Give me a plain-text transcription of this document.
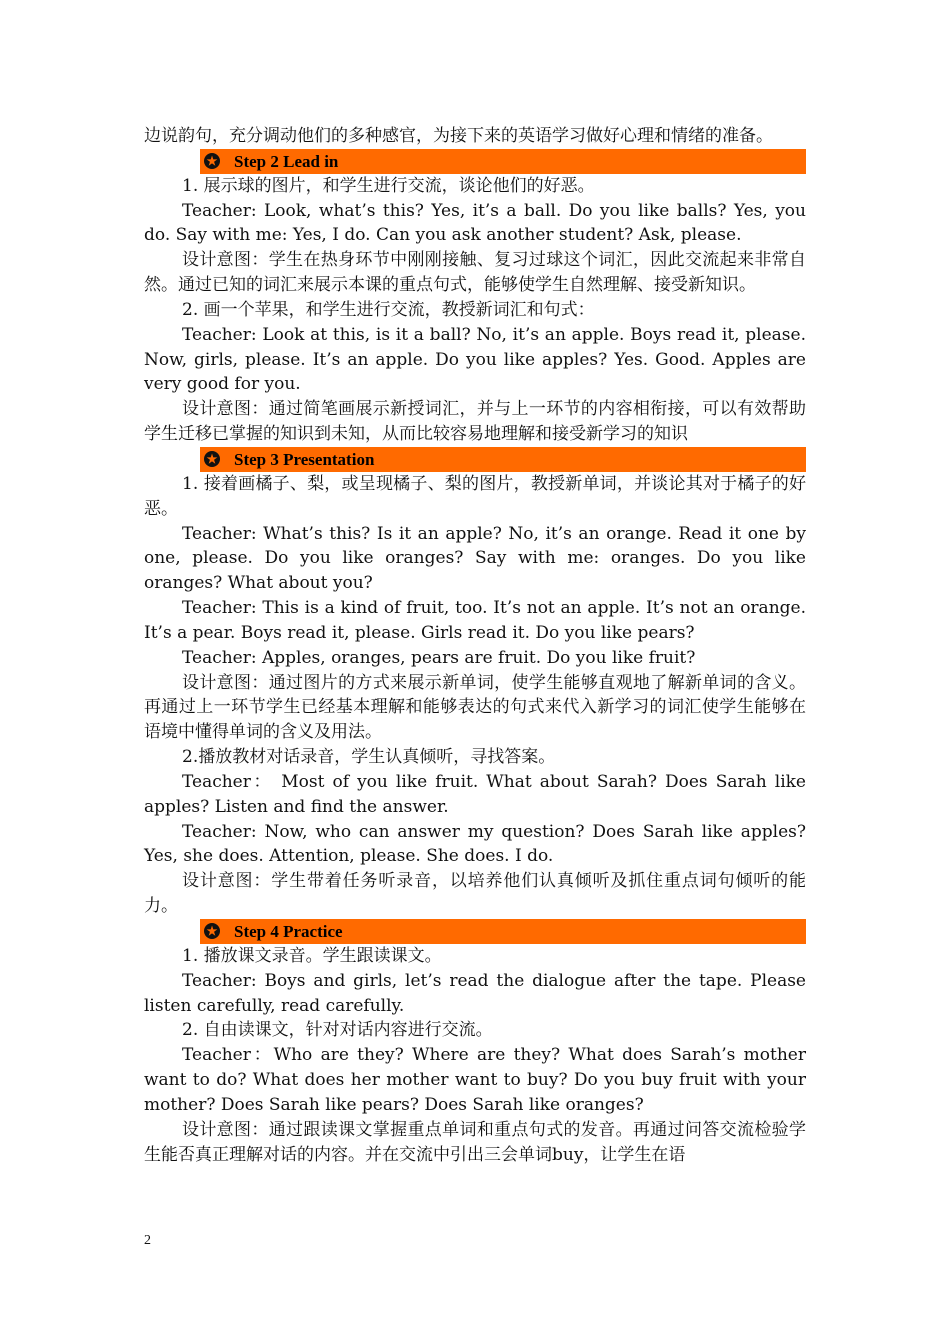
边说韵句，充分调动他们的多种感官，为接下来的英语学习做好心理和情绪的准备。

★ Step 2 Lead in

1. 展示球的图片，和学生进行交流，谈论他们的好恶。

Teacher: Look, what’s this? Yes, it’s a ball. Do you like balls? Yes, you do. Say with me: Yes, I do. Can you ask another student? Ask, please.

设计意图：学生在热身环节中刚刚接触、复习过球这个词汇，因此交流起来非常自然。通过已知的词汇来展示本课的重点句式，能够使学生自然理解、接受新知识。

2. 画一个苹果，和学生进行交流，教授新词汇和句式：

Teacher: Look at this, is it a ball? No, it’s an apple. Boys read it, please. Now, girls, please. It’s an apple. Do you like apples? Yes. Good. Apples are very good for you.

设计意图：通过简笔画展示新授词汇，并与上一环节的内容相衔接，可以有效帮助学生迁移已掌握的知识到未知，从而比较容易地理解和接受新学习的知识

★ Step 3 Presentation

1. 接着画橘子、梨，或呈现橘子、梨的图片，教授新单词，并谈论其对于橘子的好恶。

Teacher: What’s this? Is it an apple? No, it’s an orange. Read it one by one, please. Do you like oranges? Say with me: oranges. Do you like oranges? What about you?

Teacher: This is a kind of fruit, too. It’s not an apple. It’s not an orange. It’s a pear. Boys read it, please. Girls read it. Do you like pears?

Teacher: Apples, oranges, pears are fruit. Do you like fruit?

设计意图：通过图片的方式来展示新单词，使学生能够直观地了解新单词的含义。再通过上一环节学生已经基本理解和能够表达的句式来代入新学习的词汇使学生能够在语境中懂得单词的含义及用法。

2.播放教材对话录音，学生认真倾听，寻找答案。

Teacher： Most of you like fruit. What about Sarah? Does Sarah like apples? Listen and find the answer.

Teacher: Now, who can answer my question? Does Sarah like apples? Yes, she does. Attention, please. She does. I do.

设计意图：学生带着任务听录音，以培养他们认真倾听及抓住重点词句倾听的能力。

★ Step 4 Practice

1. 播放课文录音。学生跟读课文。

Teacher: Boys and girls, let’s read the dialogue after the tape. Please listen carefully, read carefully.

2. 自由读课文，针对对话内容进行交流。

Teacher：Who are they? Where are they? What does Sarah’s mother want to do? What does her mother want to buy? Do you buy fruit with your mother? Does Sarah like pears? Does Sarah like oranges?

设计意图：通过跟读课文掌握重点单词和重点句式的发音。再通过问答交流检验学生能否真正理解对话的内容。并在交流中引出三会单词buy，让学生在语

2
